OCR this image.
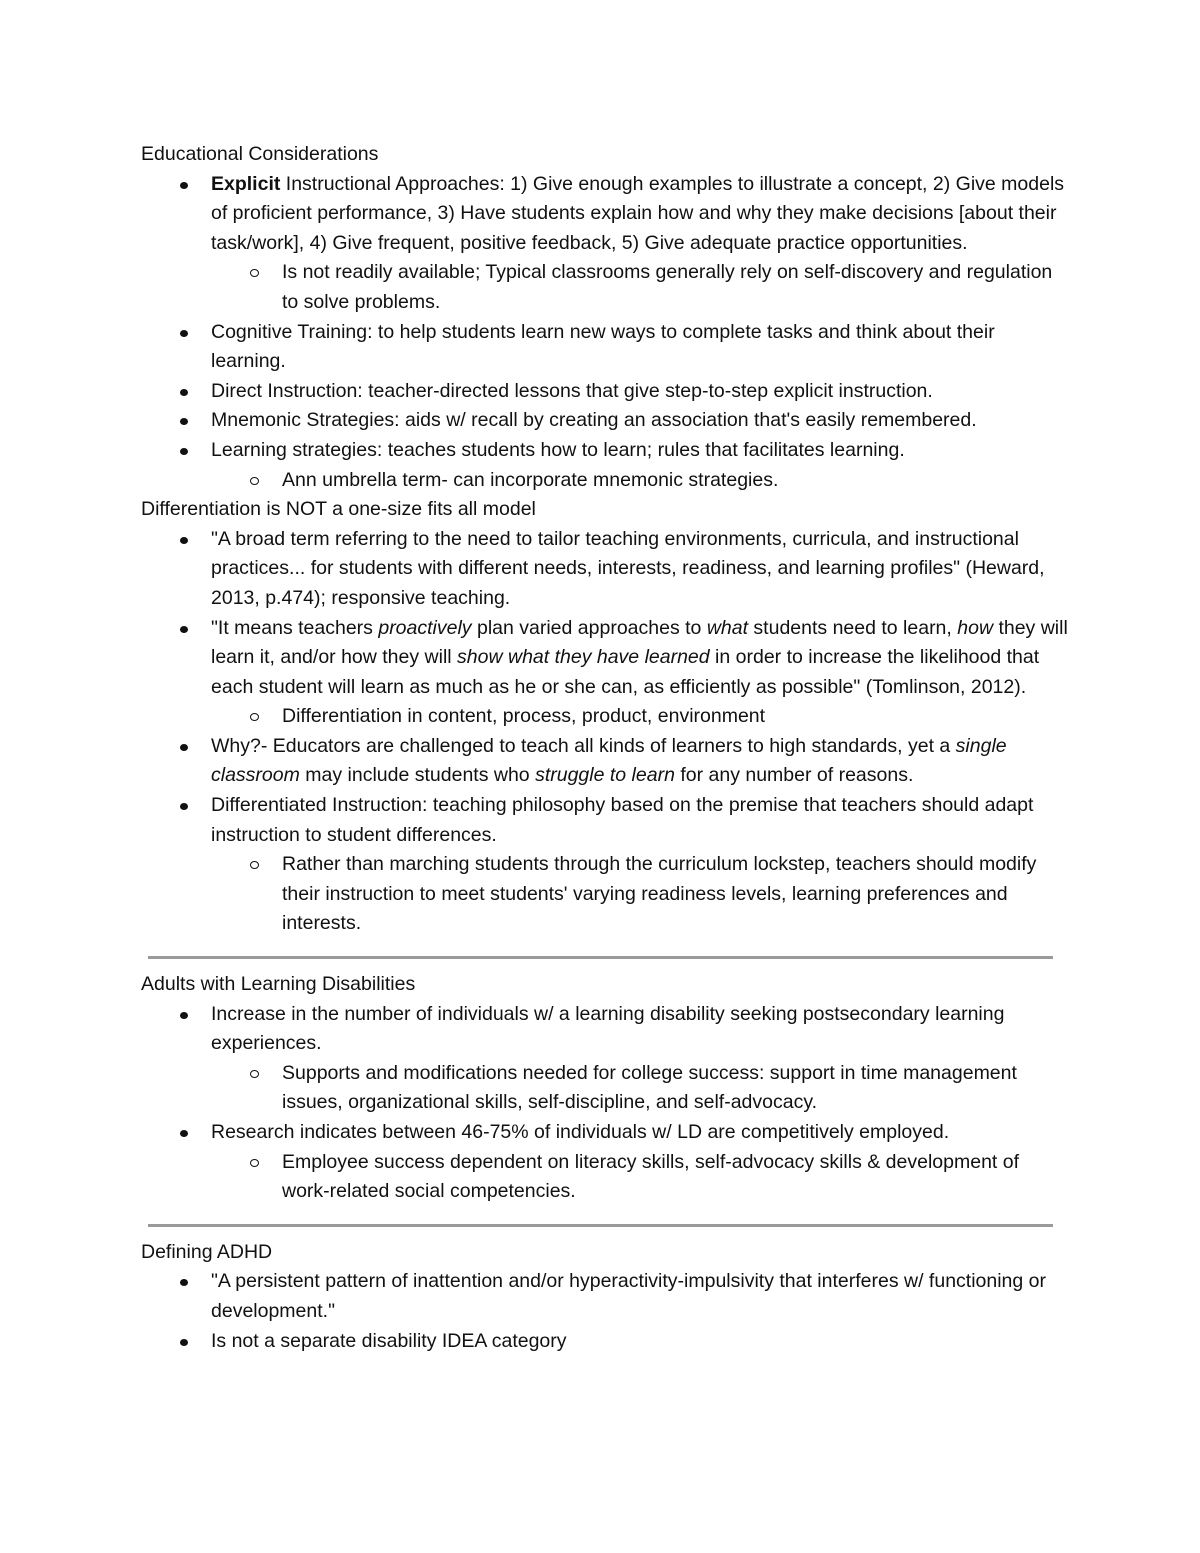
Educational Considerations

Explicit Instructional Approaches: 1) Give enough examples to illustrate a concept, 2) Give models of proficient performance, 3) Have students explain how and why they make decisions [about their task/work], 4) Give frequent, positive feedback, 5) Give adequate practice opportunities.
Is not readily available; Typical classrooms generally rely on self-discovery and regulation to solve problems.
Cognitive Training: to help students learn new ways to complete tasks and think about their learning.
Direct Instruction: teacher-directed lessons that give step-to-step explicit instruction.
Mnemonic Strategies: aids w/ recall by creating an association that's easily remembered.
Learning strategies: teaches students how to learn; rules that facilitates learning.
Ann umbrella term- can incorporate mnemonic strategies.

Differentiation is NOT a one-size fits all model

"A broad term referring to the need to tailor teaching environments, curricula, and instructional practices... for students with different needs, interests, readiness, and learning profiles" (Heward, 2013, p.474); responsive teaching.
"It means teachers proactively plan varied approaches to what students need to learn, how they will learn it, and/or how they will show what they have learned in order to increase the likelihood that each student will learn as much as he or she can, as efficiently as possible" (Tomlinson, 2012).
Differentiation in content, process, product, environment
Why?- Educators are challenged to teach all kinds of learners to high standards, yet a single classroom may include students who struggle to learn for any number of reasons.
Differentiated Instruction: teaching philosophy based on the premise that teachers should adapt instruction to student differences.
Rather than marching students through the curriculum lockstep, teachers should modify their instruction to meet students' varying readiness levels, learning preferences and interests.

Adults with Learning Disabilities

Increase in the number of individuals w/ a learning disability seeking postsecondary learning experiences.
Supports and modifications needed for college success: support in time management issues, organizational skills, self-discipline, and self-advocacy.
Research indicates between 46-75% of individuals w/ LD are competitively employed.
Employee success dependent on literacy skills, self-advocacy skills & development of work-related social competencies.

Defining ADHD

"A persistent pattern of inattention and/or hyperactivity-impulsivity that interferes w/ functioning or development."
Is not a separate disability IDEA category
